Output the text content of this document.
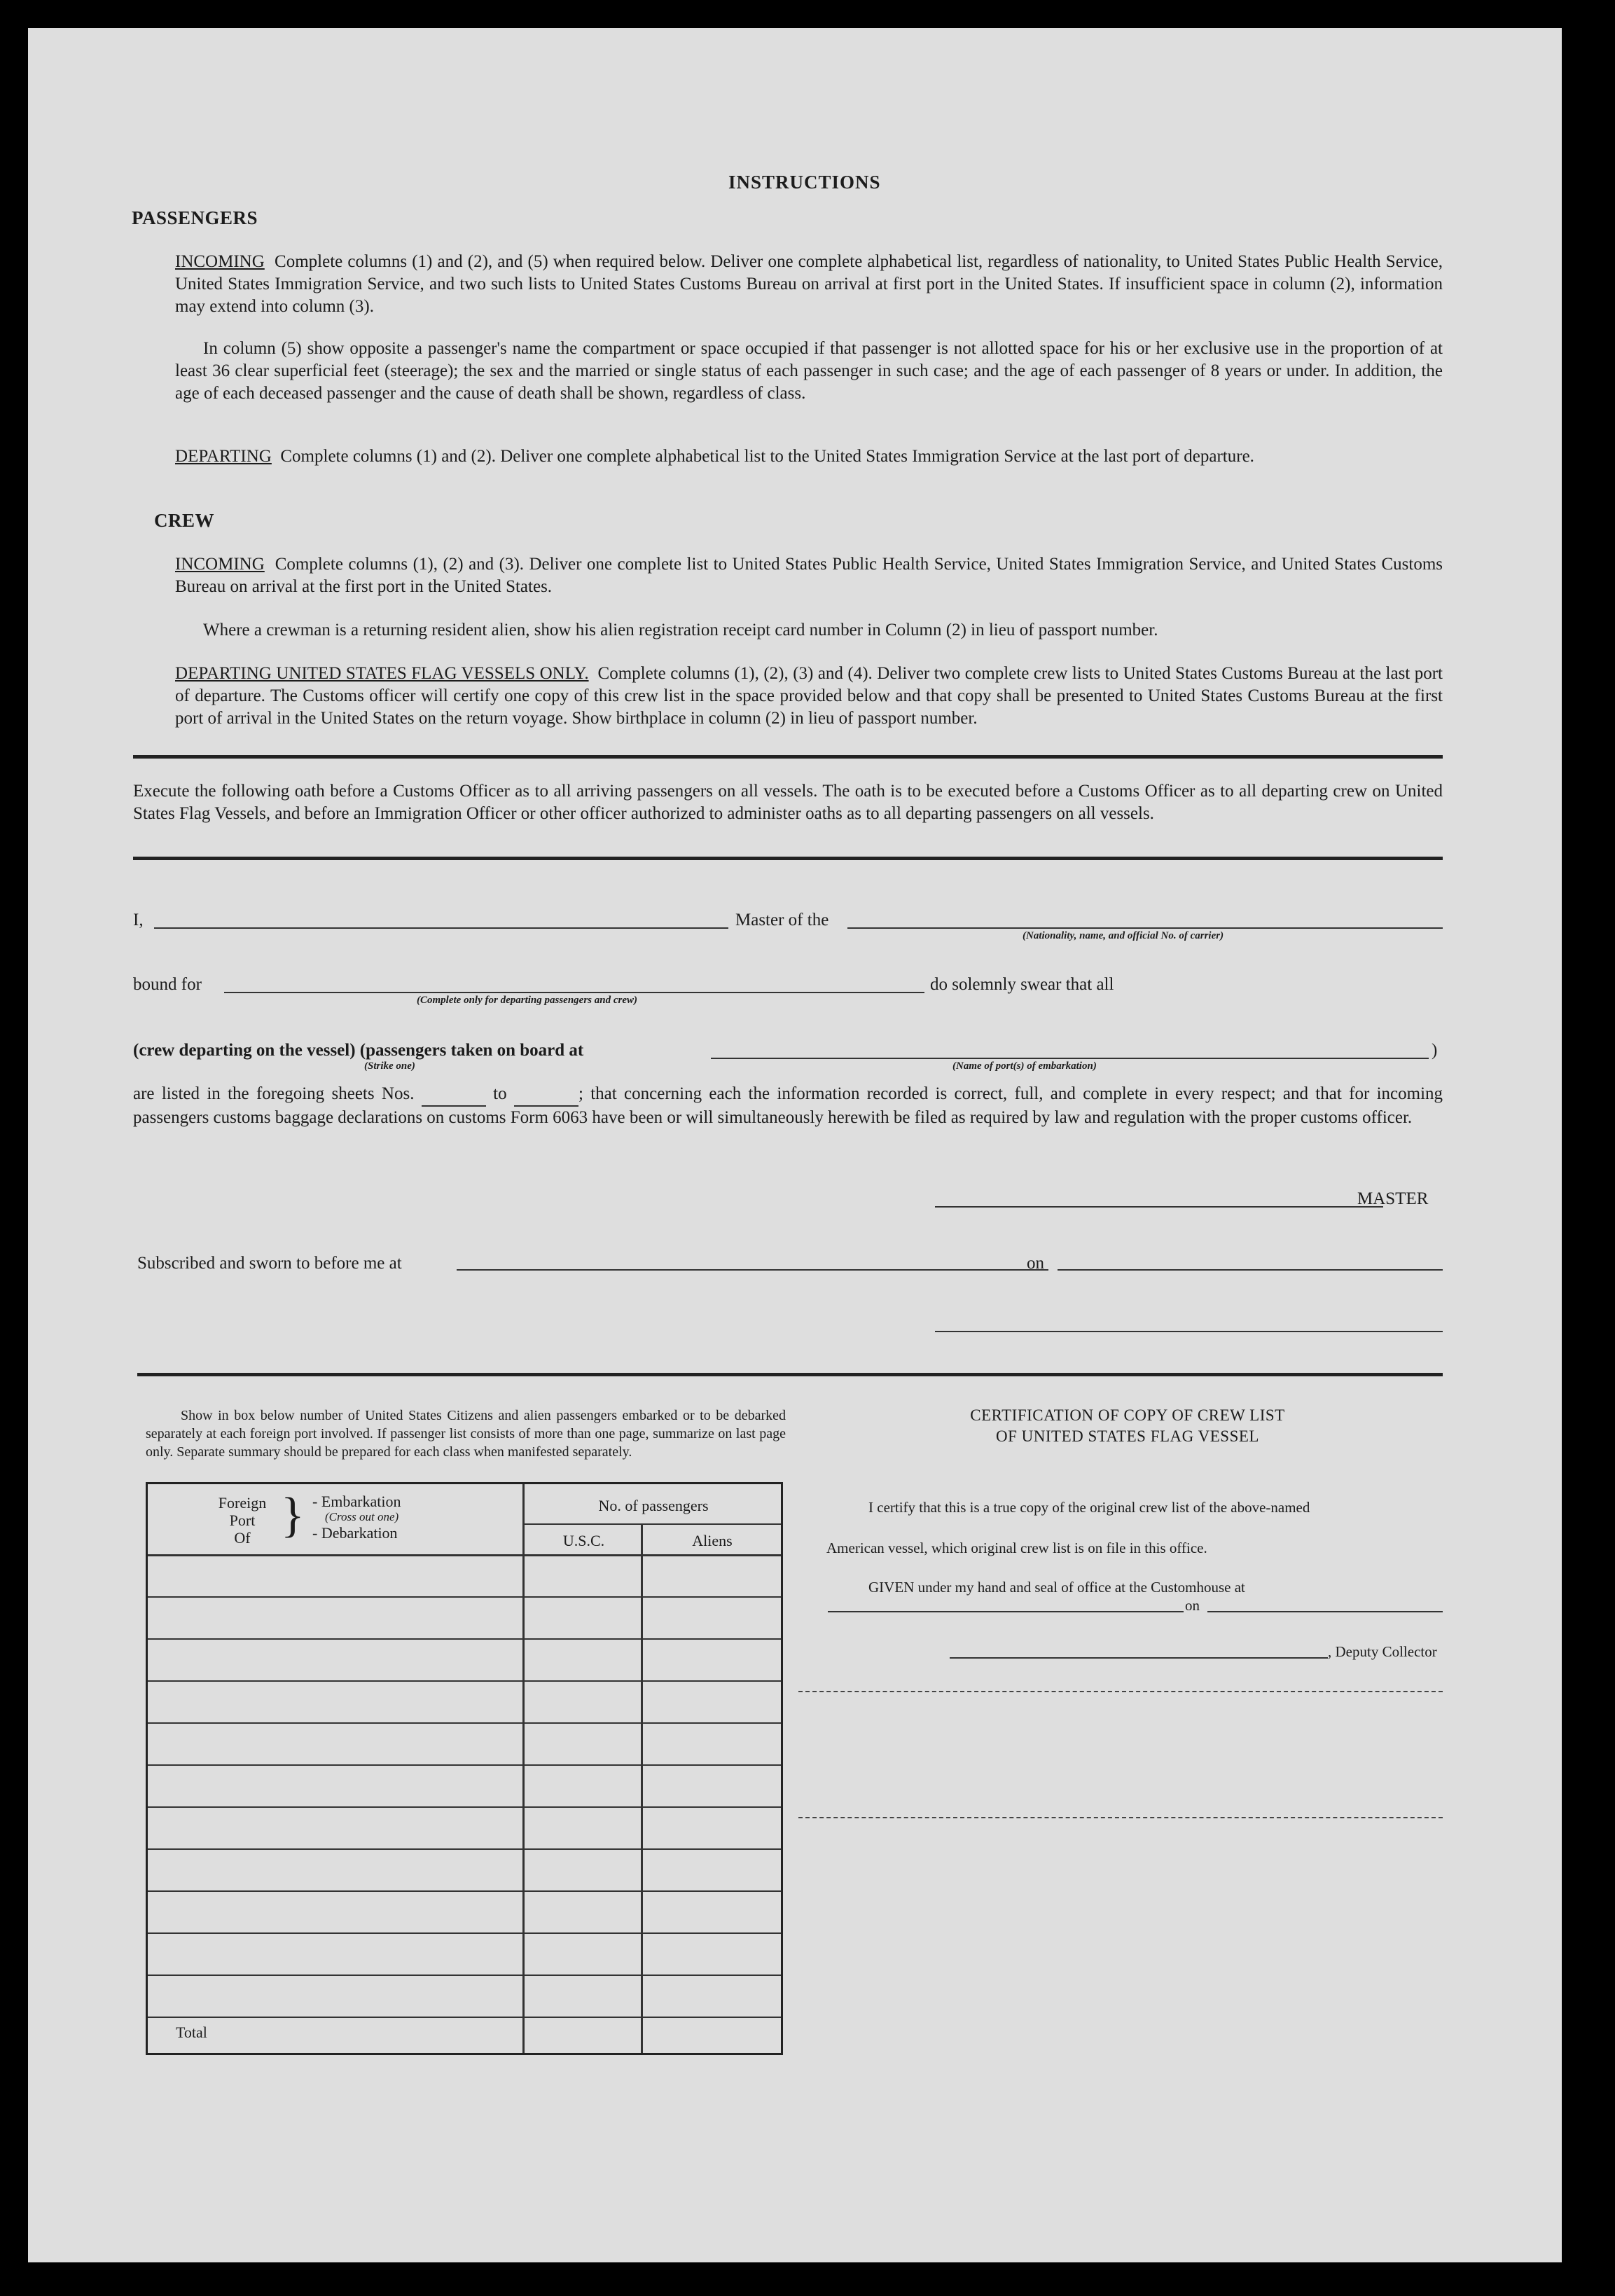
INSTRUCTIONS
PASSENGERS
INCOMING Complete columns (1) and (2), and (5) when required below. Deliver one complete alphabetical list, regardless of nationality, to United States Public Health Service, United States Immigration Service, and two such lists to United States Customs Bureau on arrival at first port in the United States. If insufficient space in column (2), information may extend into column (3).
In column (5) show opposite a passenger's name the compartment or space occupied if that passenger is not allotted space for his or her exclusive use in the proportion of at least 36 clear superficial feet (steerage); the sex and the married or single status of each passenger in such case; and the age of each passenger of 8 years or under. In addition, the age of each deceased passenger and the cause of death shall be shown, regardless of class.
DEPARTING Complete columns (1) and (2). Deliver one complete alphabetical list to the United States Immigration Service at the last port of departure.
CREW
INCOMING Complete columns (1), (2) and (3). Deliver one complete list to United States Public Health Service, United States Immigration Service, and United States Customs Bureau on arrival at the first port in the United States.
Where a crewman is a returning resident alien, show his alien registration receipt card number in Column (2) in lieu of passport number.
DEPARTING UNITED STATES FLAG VESSELS ONLY. Complete columns (1), (2), (3) and (4). Deliver two complete crew lists to United States Customs Bureau at the last port of departure. The Customs officer will certify one copy of this crew list in the space provided below and that copy shall be presented to United States Customs Bureau at the first port of arrival in the United States on the return voyage. Show birthplace in column (2) in lieu of passport number.
Execute the following oath before a Customs Officer as to all arriving passengers on all vessels. The oath is to be executed before a Customs Officer as to all departing crew on United States Flag Vessels, and before an Immigration Officer or other officer authorized to administer oaths as to all departing passengers on all vessels.
I,	Master of the
(Nationality, name, and official No. of carrier)
bound for
(Complete only for departing passengers and crew)
do solemnly swear that all
(crew departing on the vessel) (passengers taken on board at	)
(Strike one)	(Name of port(s) of embarkation)
are listed in the foregoing sheets Nos.	to	; that concerning each the information recorded is correct, full, and complete in every respect; and that for incoming passengers customs baggage declarations on customs Form 6063 have been or will simultaneously herewith be filed as required by law and regulation with the proper customs officer.
MASTER
Subscribed and sworn to before me at	on
Show in box below number of United States Citizens and alien passengers embarked or to be debarked separately at each foreign port involved. If passenger list consists of more than one page, summarize on last page only. Separate summary should be prepared for each class when manifested separately.
Foreign
Port
Of } - Embarkation
(Cross out one)
- Debarkation
No. of passengers
U.S.C.	Aliens
Total
CERTIFICATION OF COPY OF CREW LIST
OF UNITED STATES FLAG VESSEL
I certify that this is a true copy of the original crew list of the above-named
American vessel, which original crew list is on file in this office.
GIVEN under my hand and seal of office at the Customhouse at
on
, Deputy Collector
